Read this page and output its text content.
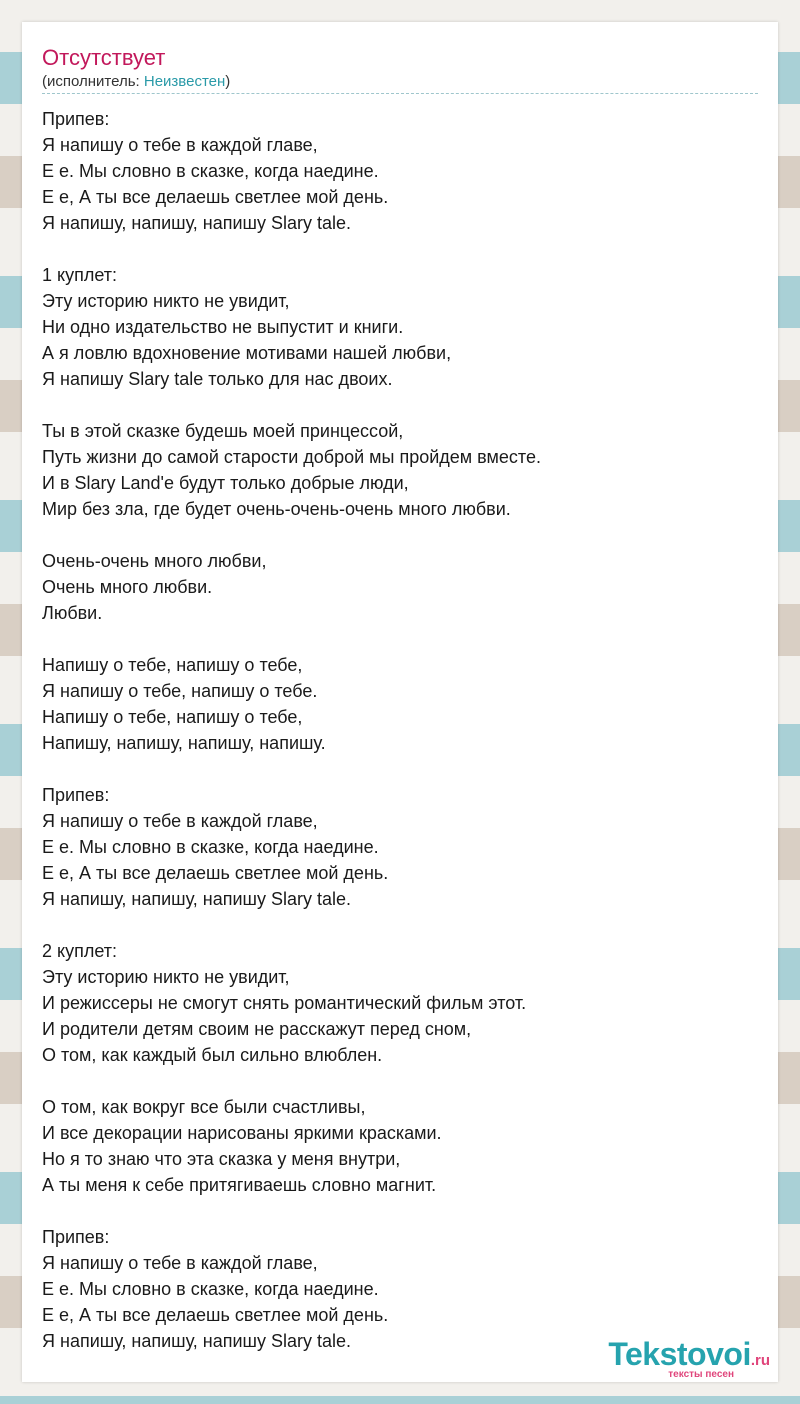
Отсутствует
(исполнитель: Неизвестен)
Припев:
Я напишу о тебе в каждой главе,
Е е. Мы словно в сказке, когда наедине.
Е е, А ты все делаешь светлее мой день.
Я напишу, напишу, напишу Slary tale.
1 куплет:
Эту историю никто не увидит,
Ни одно издательство не выпустит и книги.
А я ловлю вдохновение мотивами нашей любви,
Я напишу Slary tale только для нас двоих.
Ты в этой сказке будешь моей принцессой,
Путь жизни до самой старости доброй мы пройдем вместе.
И в Slary Land'e будут только добрые люди,
Мир без зла, где будет очень-очень-очень много любви.
Очень-очень много любви,
Очень много любви.
Любви.
Напишу о тебе, напишу о тебе,
Я напишу о тебе, напишу о тебе.
Напишу о тебе, напишу о тебе,
Напишу, напишу, напишу, напишу.
Припев:
Я напишу о тебе в каждой главе,
Е е. Мы словно в сказке, когда наедине.
Е е, А ты все делаешь светлее мой день.
Я напишу, напишу, напишу Slary tale.
2 куплет:
Эту историю никто не увидит,
И режиссеры не смогут снять романтический фильм этот.
И родители детям своим не расскажут перед сном,
О том, как каждый был сильно влюблен.
О том, как вокруг все были счастливы,
И все декорации нарисованы яркими красками.
Но я то знаю что эта сказка у меня внутри,
А ты меня к себе притягиваешь словно магнит.
Припев:
Я напишу о тебе в каждой главе,
Е е. Мы словно в сказке, когда наедине.
Е е, А ты все делаешь светлее мой день.
Я напишу, напишу, напишу Slary tale.	Tekstovoi.ru
тексты песен
